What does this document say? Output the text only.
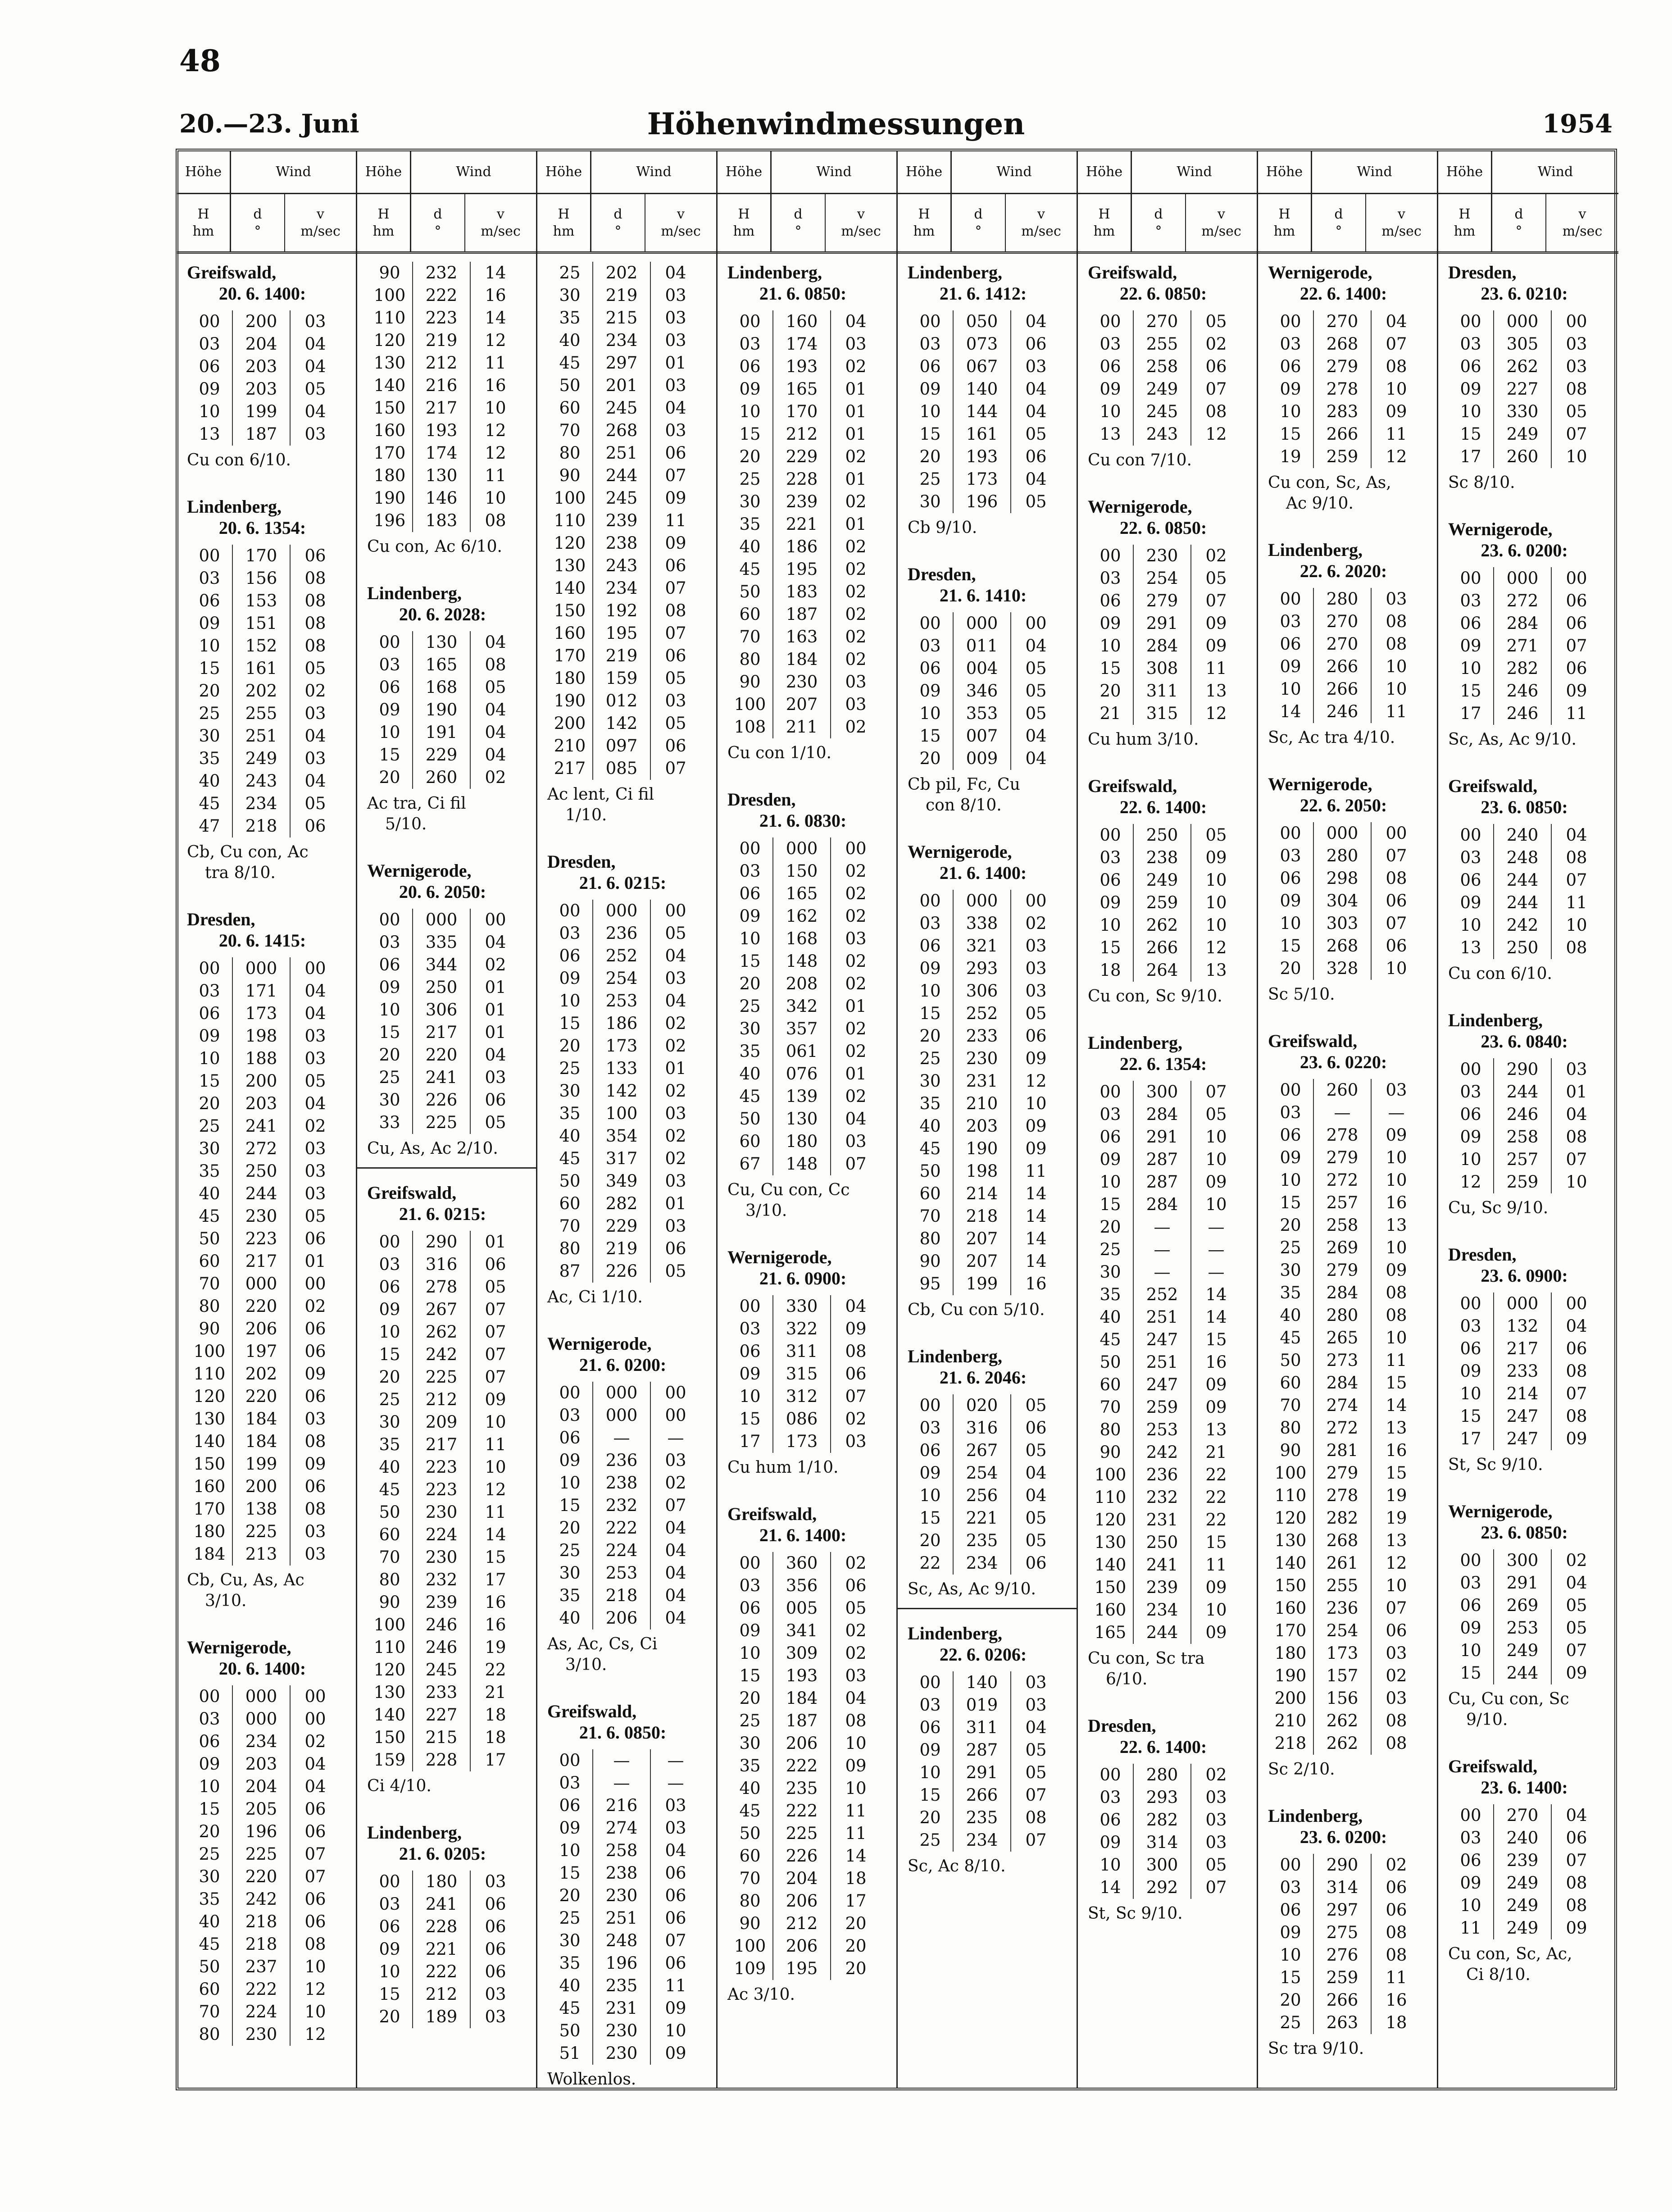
48
20.—23. Juni	Höhenwindmessungen	1954
Höhe	Wind
H
hm
d
°
v
m/sec
Greifswald,
20. 6. 1400:
00	200	03
03	204	04
06	203	04
09	203	05
10	199	04
13	187	03
Cu con 6/10.
Lindenberg,
20. 6. 1354:
00	170	06
03	156	08
06	153	08
09	151	08
10	152	08
15	161	05
20	202	02
25	255	03
30	251	04
35	249	03
40	243	04
45	234	05
47	218	06
Cb, Cu con, Ac
tra 8/10.
Dresden,
20. 6. 1415:
00	000	00
03	171	04
06	173	04
09	198	03
10	188	03
15	200	05
20	203	04
25	241	02
30	272	03
35	250	03
40	244	03
45	230	05
50	223	06
60	217	01
70	000	00
80	220	02
90	206	06
100	197	06
110	202	09
120	220	06
130	184	03
140	184	08
150	199	09
160	200	06
170	138	08
180	225	03
184	213	03
Cb, Cu, As, Ac
3/10.
Wernigerode,
20. 6. 1400:
00	000	00
03	000	00
06	234	02
09	203	04
10	204	04
15	205	06
20	196	06
25	225	07
30	220	07
35	242	06
40	218	06
45	218	08
50	237	10
60	222	12
70	224	10
80	230	12
Höhe	Wind
H
hm
d
°
v
m/sec
90	232	14
100	222	16
110	223	14
120	219	12
130	212	11
140	216	16
150	217	10
160	193	12
170	174	12
180	130	11
190	146	10
196	183	08
Cu con, Ac 6/10.
Lindenberg,
20. 6. 2028:
00	130	04
03	165	08
06	168	05
09	190	04
10	191	04
15	229	04
20	260	02
Ac tra, Ci fil
5/10.
Wernigerode,
20. 6. 2050:
00	000	00
03	335	04
06	344	02
09	250	01
10	306	01
15	217	01
20	220	04
25	241	03
30	226	06
33	225	05
Cu, As, Ac 2/10.
Greifswald,
21. 6. 0215:
00	290	01
03	316	06
06	278	05
09	267	07
10	262	07
15	242	07
20	225	07
25	212	09
30	209	10
35	217	11
40	223	10
45	223	12
50	230	11
60	224	14
70	230	15
80	232	17
90	239	16
100	246	16
110	246	19
120	245	22
130	233	21
140	227	18
150	215	18
159	228	17
Ci 4/10.
Lindenberg,
21. 6. 0205:
00	180	03
03	241	06
06	228	06
09	221	06
10	222	06
15	212	03
20	189	03
Höhe	Wind
H
hm
d
°
v
m/sec
25	202	04
30	219	03
35	215	03
40	234	03
45	297	01
50	201	03
60	245	04
70	268	03
80	251	06
90	244	07
100	245	09
110	239	11
120	238	09
130	243	06
140	234	07
150	192	08
160	195	07
170	219	06
180	159	05
190	012	03
200	142	05
210	097	06
217	085	07
Ac lent, Ci fil
1/10.
Dresden,
21. 6. 0215:
00	000	00
03	236	05
06	252	04
09	254	03
10	253	04
15	186	02
20	173	02
25	133	01
30	142	02
35	100	03
40	354	02
45	317	02
50	349	03
60	282	01
70	229	03
80	219	06
87	226	05
Ac, Ci 1/10.
Wernigerode,
21. 6. 0200:
00	000	00
03	000	00
06	—	—
09	236	03
10	238	02
15	232	07
20	222	04
25	224	04
30	253	04
35	218	04
40	206	04
As, Ac, Cs, Ci
3/10.
Greifswald,
21. 6. 0850:
00	—	—
03	—	—
06	216	03
09	274	03
10	258	04
15	238	06
20	230	06
25	251	06
30	248	07
35	196	06
40	235	11
45	231	09
50	230	10
51	230	09
Wolkenlos.
Höhe	Wind
H
hm
d
°
v
m/sec
Lindenberg,
21. 6. 0850:
00	160	04
03	174	03
06	193	02
09	165	01
10	170	01
15	212	01
20	229	02
25	228	01
30	239	02
35	221	01
40	186	02
45	195	02
50	183	02
60	187	02
70	163	02
80	184	02
90	230	03
100	207	03
108	211	02
Cu con 1/10.
Dresden,
21. 6. 0830:
00	000	00
03	150	02
06	165	02
09	162	02
10	168	03
15	148	02
20	208	02
25	342	01
30	357	02
35	061	02
40	076	01
45	139	02
50	130	04
60	180	03
67	148	07
Cu, Cu con, Cc
3/10.
Wernigerode,
21. 6. 0900:
00	330	04
03	322	09
06	311	08
09	315	06
10	312	07
15	086	02
17	173	03
Cu hum 1/10.
Greifswald,
21. 6. 1400:
00	360	02
03	356	06
06	005	05
09	341	02
10	309	02
15	193	03
20	184	04
25	187	08
30	206	10
35	222	09
40	235	10
45	222	11
50	225	11
60	226	14
70	204	18
80	206	17
90	212	20
100	206	20
109	195	20
Ac 3/10.
Höhe	Wind
H
hm
d
°
v
m/sec
Lindenberg,
21. 6. 1412:
00	050	04
03	073	06
06	067	03
09	140	04
10	144	04
15	161	05
20	193	06
25	173	04
30	196	05
Cb 9/10.
Dresden,
21. 6. 1410:
00	000	00
03	011	04
06	004	05
09	346	05
10	353	05
15	007	04
20	009	04
Cb pil, Fc, Cu
con 8/10.
Wernigerode,
21. 6. 1400:
00	000	00
03	338	02
06	321	03
09	293	03
10	306	03
15	252	05
20	233	06
25	230	09
30	231	12
35	210	10
40	203	09
45	190	09
50	198	11
60	214	14
70	218	14
80	207	14
90	207	14
95	199	16
Cb, Cu con 5/10.
Lindenberg,
21. 6. 2046:
00	020	05
03	316	06
06	267	05
09	254	04
10	256	04
15	221	05
20	235	05
22	234	06
Sc, As, Ac 9/10.
Lindenberg,
22. 6. 0206:
00	140	03
03	019	03
06	311	04
09	287	05
10	291	05
15	266	07
20	235	08
25	234	07
Sc, Ac 8/10.
Höhe	Wind
H
hm
d
°
v
m/sec
Greifswald,
22. 6. 0850:
00	270	05
03	255	02
06	258	06
09	249	07
10	245	08
13	243	12
Cu con 7/10.
Wernigerode,
22. 6. 0850:
00	230	02
03	254	05
06	279	07
09	291	09
10	284	09
15	308	11
20	311	13
21	315	12
Cu hum 3/10.
Greifswald,
22. 6. 1400:
00	250	05
03	238	09
06	249	10
09	259	10
10	262	10
15	266	12
18	264	13
Cu con, Sc 9/10.
Lindenberg,
22. 6. 1354:
00	300	07
03	284	05
06	291	10
09	287	10
10	287	09
15	284	10
20	—	—
25	—	—
30	—	—
35	252	14
40	251	14
45	247	15
50	251	16
60	247	09
70	259	09
80	253	13
90	242	21
100	236	22
110	232	22
120	231	22
130	250	15
140	241	11
150	239	09
160	234	10
165	244	09
Cu con, Sc tra
6/10.
Dresden,
22. 6. 1400:
00	280	02
03	293	03
06	282	03
09	314	03
10	300	05
14	292	07
St, Sc 9/10.
Höhe	Wind
H
hm
d
°
v
m/sec
Wernigerode,
22. 6. 1400:
00	270	04
03	268	07
06	279	08
09	278	10
10	283	09
15	266	11
19	259	12
Cu con, Sc, As,
Ac 9/10.
Lindenberg,
22. 6. 2020:
00	280	03
03	270	08
06	270	08
09	266	10
10	266	10
14	246	11
Sc, Ac tra 4/10.
Wernigerode,
22. 6. 2050:
00	000	00
03	280	07
06	298	08
09	304	06
10	303	07
15	268	06
20	328	10
Sc 5/10.
Greifswald,
23. 6. 0220:
00	260	03
03	—	—
06	278	09
09	279	10
10	272	10
15	257	16
20	258	13
25	269	10
30	279	09
35	284	08
40	280	08
45	265	10
50	273	11
60	284	15
70	274	14
80	272	13
90	281	16
100	279	15
110	278	19
120	282	19
130	268	13
140	261	12
150	255	10
160	236	07
170	254	06
180	173	03
190	157	02
200	156	03
210	262	08
218	262	08
Sc 2/10.
Lindenberg,
23. 6. 0200:
00	290	02
03	314	06
06	297	06
09	275	08
10	276	08
15	259	11
20	266	16
25	263	18
Sc tra 9/10.
Höhe	Wind
H
hm
d
°
v
m/sec
Dresden,
23. 6. 0210:
00	000	00
03	305	03
06	262	03
09	227	08
10	330	05
15	249	07
17	260	10
Sc 8/10.
Wernigerode,
23. 6. 0200:
00	000	00
03	272	06
06	284	06
09	271	07
10	282	06
15	246	09
17	246	11
Sc, As, Ac 9/10.
Greifswald,
23. 6. 0850:
00	240	04
03	248	08
06	244	07
09	244	11
10	242	10
13	250	08
Cu con 6/10.
Lindenberg,
23. 6. 0840:
00	290	03
03	244	01
06	246	04
09	258	08
10	257	07
12	259	10
Cu, Sc 9/10.
Dresden,
23. 6. 0900:
00	000	00
03	132	04
06	217	06
09	233	08
10	214	07
15	247	08
17	247	09
St, Sc 9/10.
Wernigerode,
23. 6. 0850:
00	300	02
03	291	04
06	269	05
09	253	05
10	249	07
15	244	09
Cu, Cu con, Sc
9/10.
Greifswald,
23. 6. 1400:
00	270	04
03	240	06
06	239	07
09	249	08
10	249	08
11	249	09
Cu con, Sc, Ac,
Ci 8/10.
